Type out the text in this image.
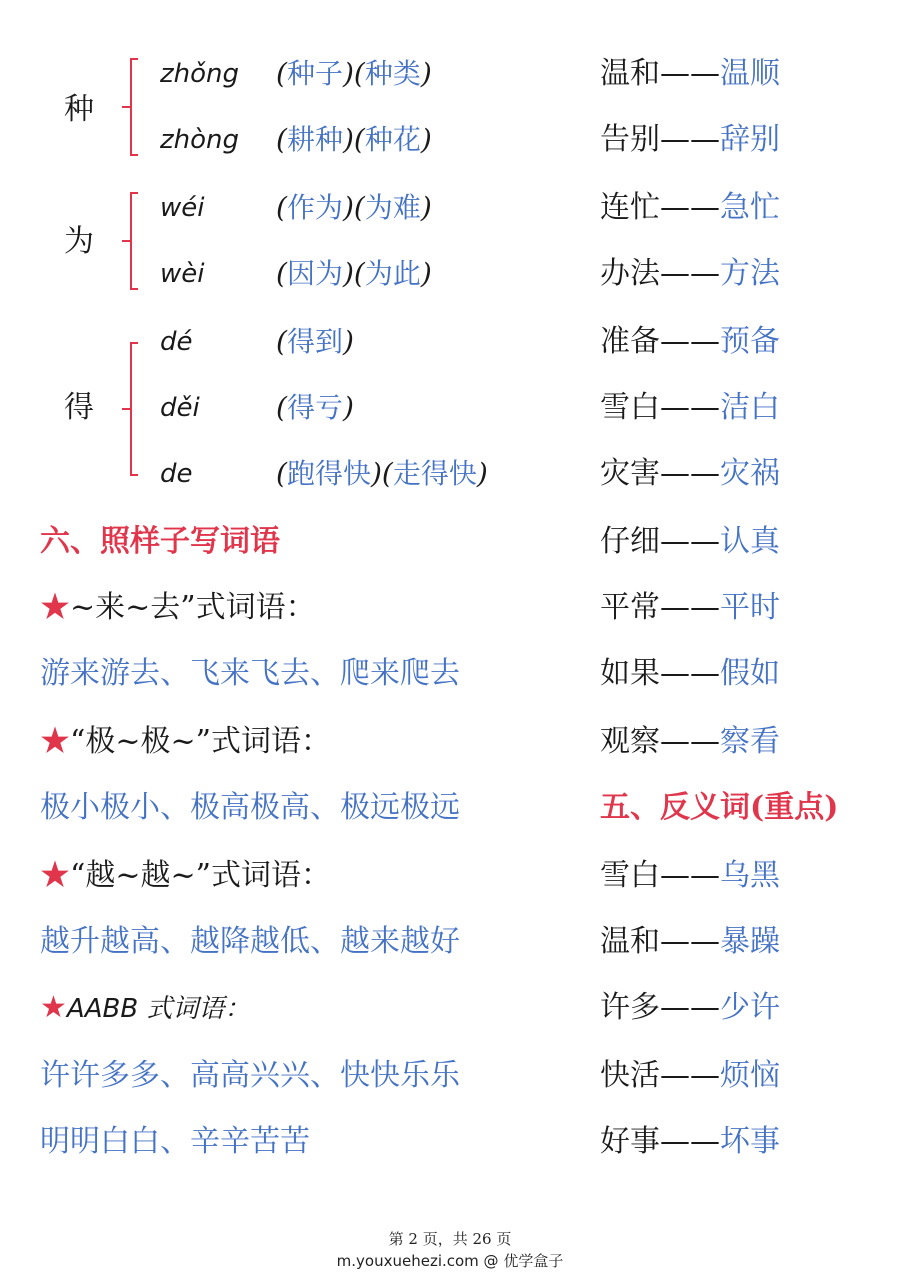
种
zhǒng (种子)(种类)
zhòng (耕种)(种花)
为
wéi	(作为)(为难)
wèi	(因为)(为此)
得
dé	(得到)
děi	(得亏)
de	(跑得快)(走得快)
六、照样子写词语
★~来~去”式词语：
游来游去、飞来飞去、爬来爬去
★“极~极~”式词语：
极小极小、极高极高、极远极远
★“越~越~”式词语：
越升越高、越降越低、越来越好
★AABB 式词语：
许许多多、高高兴兴、快快乐乐
明明白白、辛辛苦苦
温和——温顺
告别——辞别
连忙——急忙
办法——方法
准备——预备
雪白——洁白
灾害——灾祸
仔细——认真
平常——平时
如果——假如
观察——察看
五、反义词(重点)
雪白——乌黑
温和——暴躁
许多——少许
快活——烦恼
好事——坏事
第 2 页，共 26 页
m.youxuehezi.com @ 优学盒子
